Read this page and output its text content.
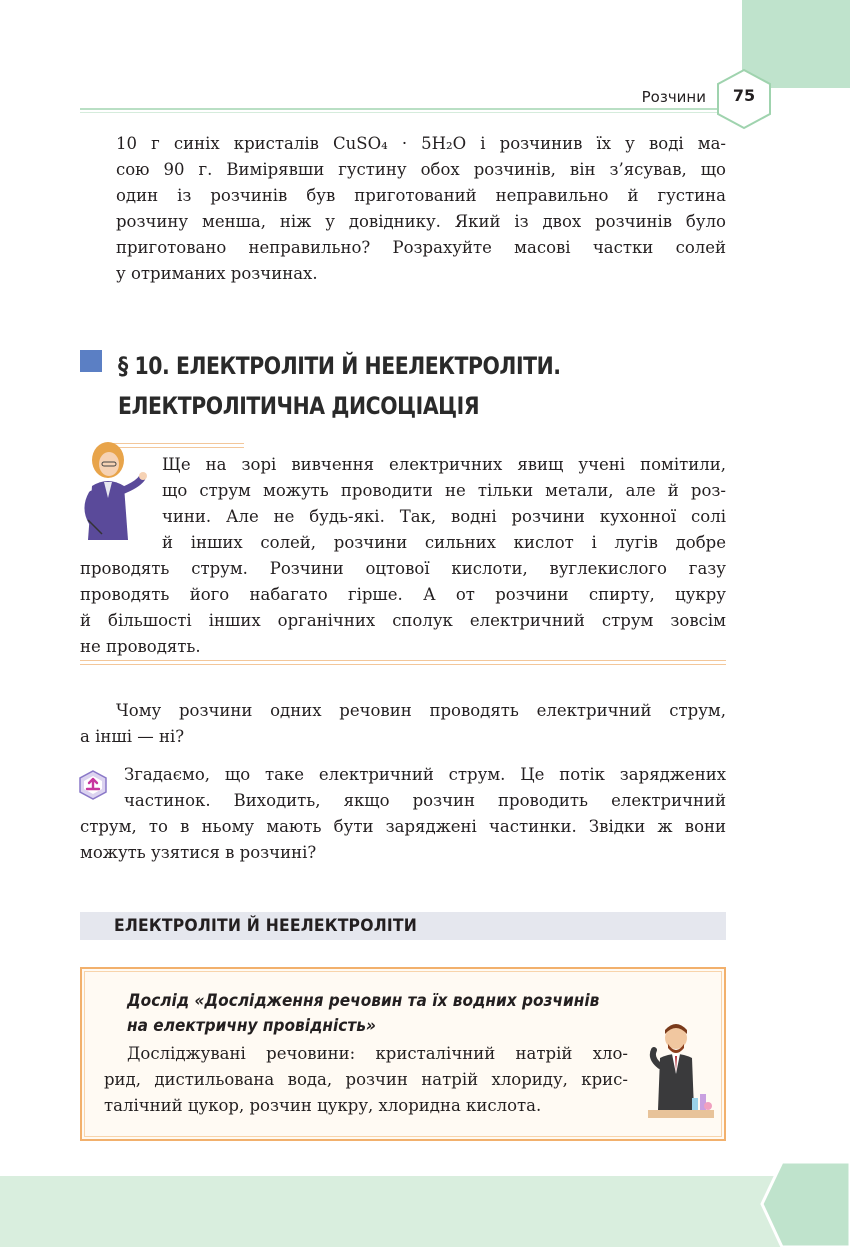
Розчини	75
10 г синіх кристалів CuSO₄ · 5H₂O і розчинив їх у воді ма-
сою 90 г. Вимірявши густину обох розчинів, він з’ясував, що
один із розчинів був приготований неправильно й густина
розчину менша, ніж у довіднику. Який із двох розчинів було
приготовано неправильно? Розрахуйте масові частки солей
у отриманих розчинах.
§ 10. ЕЛЕКТРОЛІТИ Й НЕЕЛЕКТРОЛІТИ.
ЕЛЕКТРОЛІТИЧНА ДИСОЦІАЦІЯ
Ще на зорі вивчення електричних явищ учені помітили,
що струм можуть проводити не тільки метали, але й роз-
чини. Але не будь-які. Так, водні розчини кухонної солі
й інших солей, розчини сильних кислот і лугів добре
проводять струм. Розчини оцтової кислоти, вуглекислого газу
проводять його набагато гірше. А от розчини спирту, цукру
й більшості інших органічних сполук електричний струм зовсім
не проводять.
Чому розчини одних речовин проводять електричний струм,
а інші — ні?
Згадаємо, що таке електричний струм. Це потік заряджених
частинок. Виходить, якщо розчин проводить електричний
струм, то в ньому мають бути заряджені частинки. Звідки ж вони
можуть узятися в розчині?
ЕЛЕКТРОЛІТИ Й НЕЕЛЕКТРОЛІТИ
Дослід «Дослідження речовин та їх водних розчинів
на електричну провідність»
Досліджувані речовини: кристалічний натрій хло-
рид, дистильована вода, розчин натрій хлориду, крис-
талічний цукор, розчин цукру, хлоридна кислота.
